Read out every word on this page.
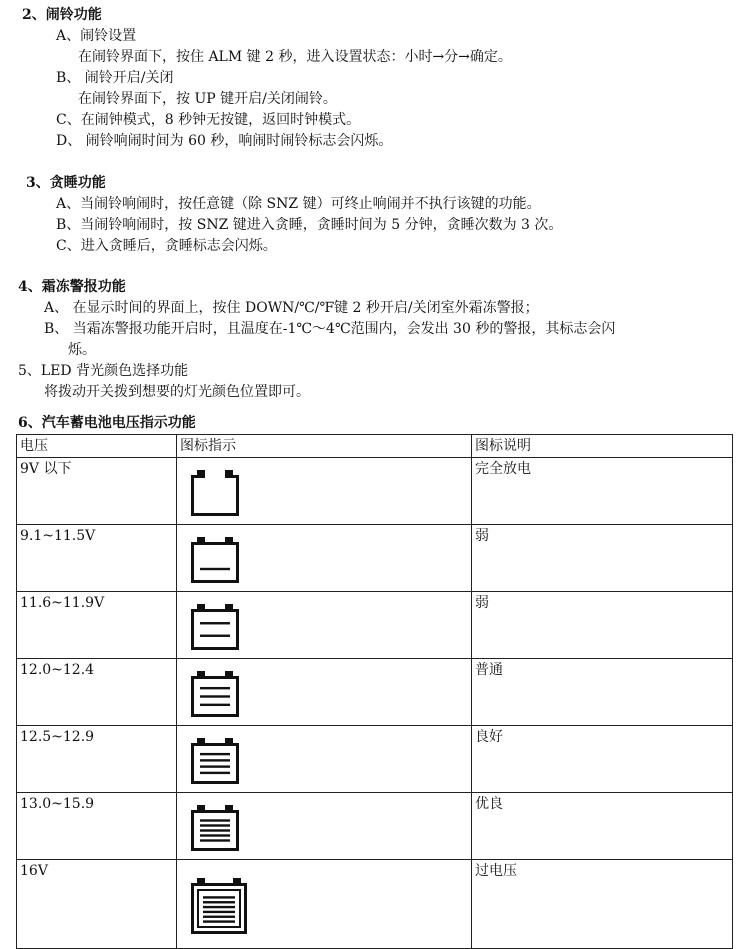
2、闹铃功能
A、闹铃设置
在闹铃界面下，按住 ALM 键 2 秒，进入设置状态：小时→分→确定。
B、 闹铃开启/关闭
在闹铃界面下，按 UP 键开启/关闭闹铃。
C、在闹钟模式，8 秒钟无按键，返回时钟模式。
D、 闹铃响闹时间为 60 秒，响闹时闹铃标志会闪烁。
3、贪睡功能
A、当闹铃响闹时，按任意键（除 SNZ 键）可终止响闹并不执行该键的功能。
B、当闹铃响闹时，按 SNZ 键进入贪睡，贪睡时间为 5 分钟，贪睡次数为 3 次。
C、进入贪睡后，贪睡标志会闪烁。
4、霜冻警报功能
A、 在显示时间的界面上，按住 DOWN/℃/℉键 2 秒开启/关闭室外霜冻警报；
B、 当霜冻警报功能开启时，且温度在-1℃～4℃范围内，会发出 30 秒的警报，其标志会闪
烁。
5、LED 背光颜色选择功能
将拨动开关拨到想要的灯光颜色位置即可。
6、汽车蓄电池电压指示功能
电压	图标指示	图标说明
9V 以下		完全放电
9.1~11.5V		弱
11.6~11.9V		弱
12.0~12.4		普通
12.5~12.9		良好
13.0~15.9		优良
16V		过电压
